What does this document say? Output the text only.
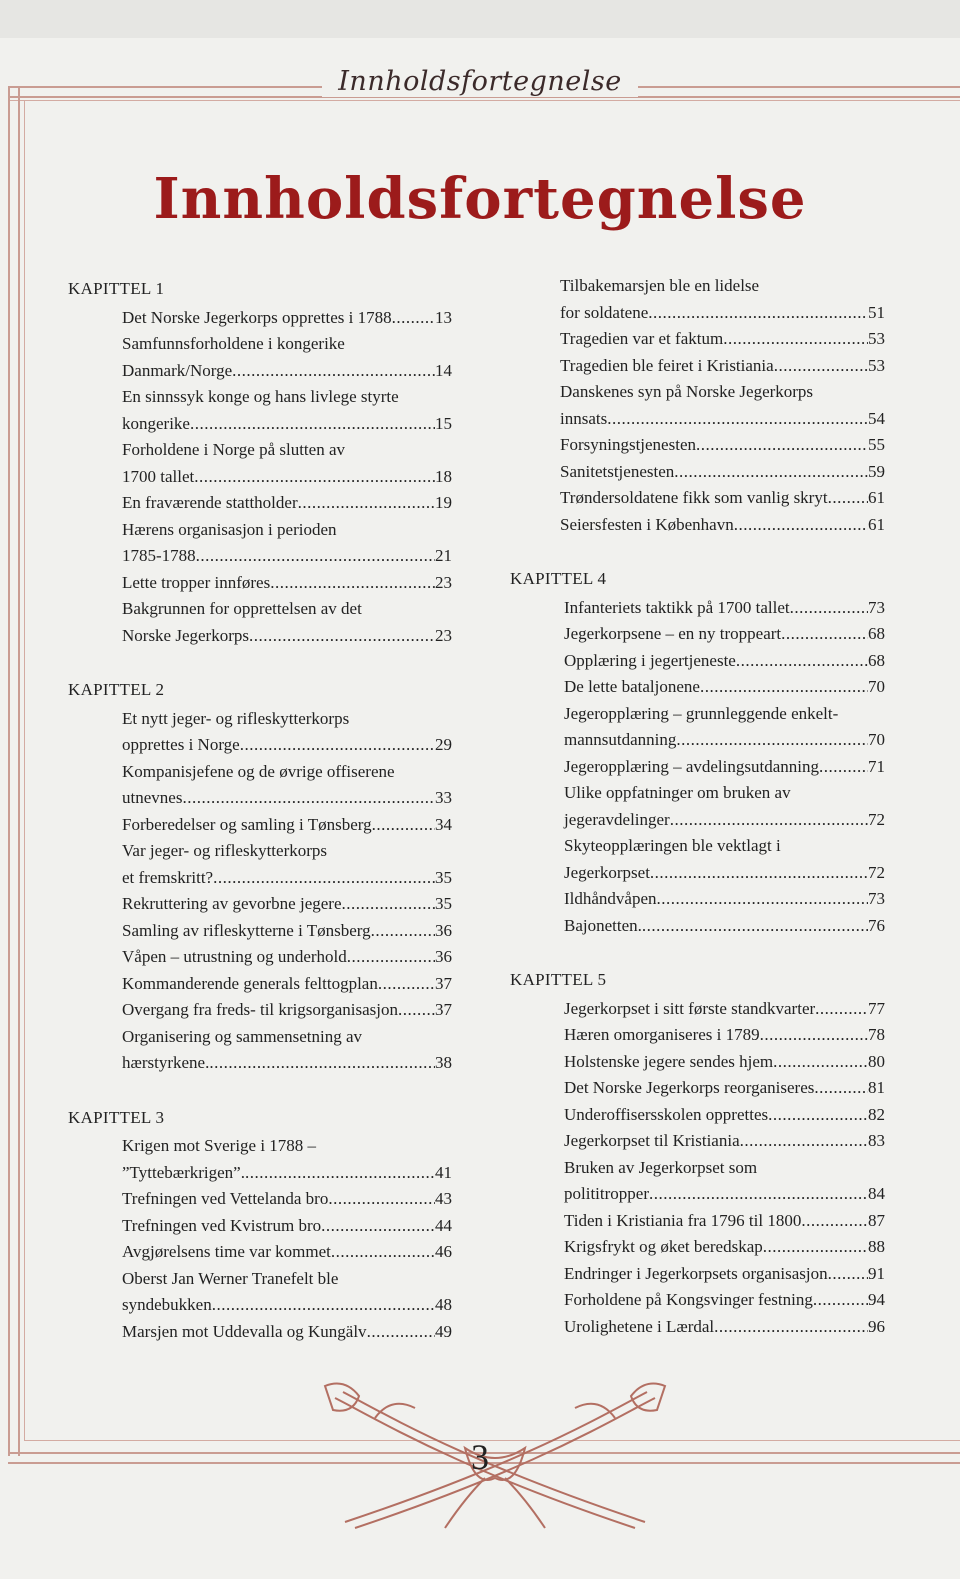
Innholdsfortegnelse
Innholdsfortegnelse
KAPITTEL 1
Det Norske Jegerkorps opprettes i 1788 .....	13
Samfunnsforholdene i kongerike
Danmark/Norge .....	14
En sinnssyk konge og hans livlege styrte
kongerike .....	15
Forholdene i Norge på slutten av
1700 tallet .....	18
En fraværende stattholder .....	19
Hærens organisasjon i perioden
1785-1788 .....	21
Lette tropper innføres .....	23
Bakgrunnen for opprettelsen av det
Norske Jegerkorps .....	23
KAPITTEL 2
Et nytt jeger- og rifleskytterkorps
opprettes i Norge .....	29
Kompanisjefene og de øvrige offiserene
utnevnes .....	33
Forberedelser og samling i Tønsberg .....	34
Var jeger- og rifleskytterkorps
et fremskritt? .....	35
Rekruttering av gevorbne jegere .....	35
Samling av rifleskytterne i Tønsberg .....	36
Våpen – utrustning og underhold .....	36
Kommanderende generals felttogplan .....	37
Overgang fra freds- til krigsorganisasjon ..... 37
Organisering og sammensetning av
hærstyrkene. .....	38
KAPITTEL 3
Krigen mot Sverige i 1788 –
”Tyttebærkrigen”. .....	41
Trefningen ved Vettelanda bro .....	43
Trefningen ved Kvistrum bro .....	44
Avgjørelsens time var kommet .....	46
Oberst Jan Werner Tranefelt ble
syndebukken .....	48
Marsjen mot Uddevalla og Kungälv .....	49
Tilbakemarsjen ble en lidelse
for soldatene .....	51
Tragedien var et faktum .....	53
Tragedien ble feiret i Kristiania .....	53
Danskenes syn på Norske Jegerkorps
innsats .....	54
Forsyningstjenesten .....	55
Sanitetstjenesten .....	59
Trøndersoldatene fikk som vanlig skryt ..... 61
Seiersfesten i København .....	61
KAPITTEL 4
Infanteriets taktikk på 1700 tallet .....	73
Jegerkorpsene – en ny troppeart .....	68
Opplæring i jegertjeneste .....	68
De lette bataljonene .....	70
Jegeropplæring – grunnleggende enkelt-
mannsutdanning .....	70
Jegeropplæring – avdelingsutdanning .....	71
Ulike oppfatninger om bruken av
jegeravdelinger .....	72
Skyteopplæringen ble vektlagt i
Jegerkorpset .....	72
Ildhåndvåpen .....	73
Bajonetten. .....	76
KAPITTEL 5
Jegerkorpset i sitt første standkvarter .....	77
Hæren omorganiseres i 1789 .....	78
Holstenske jegere sendes hjem .....	80
Det Norske Jegerkorps reorganiseres .....	81
Underoffisersskolen opprettes .....	82
Jegerkorpset til Kristiania .....	83
Bruken av Jegerkorpset som
polititropper .....	84
Tiden i Kristiania fra 1796 til 1800 .....	87
Krigsfrykt og øket beredskap .....	88
Endringer i Jegerkorpsets organisasjon ..... 91
Forholdene på Kongsvinger festning .....	94
Urolighetene i Lærdal .....	96
3
